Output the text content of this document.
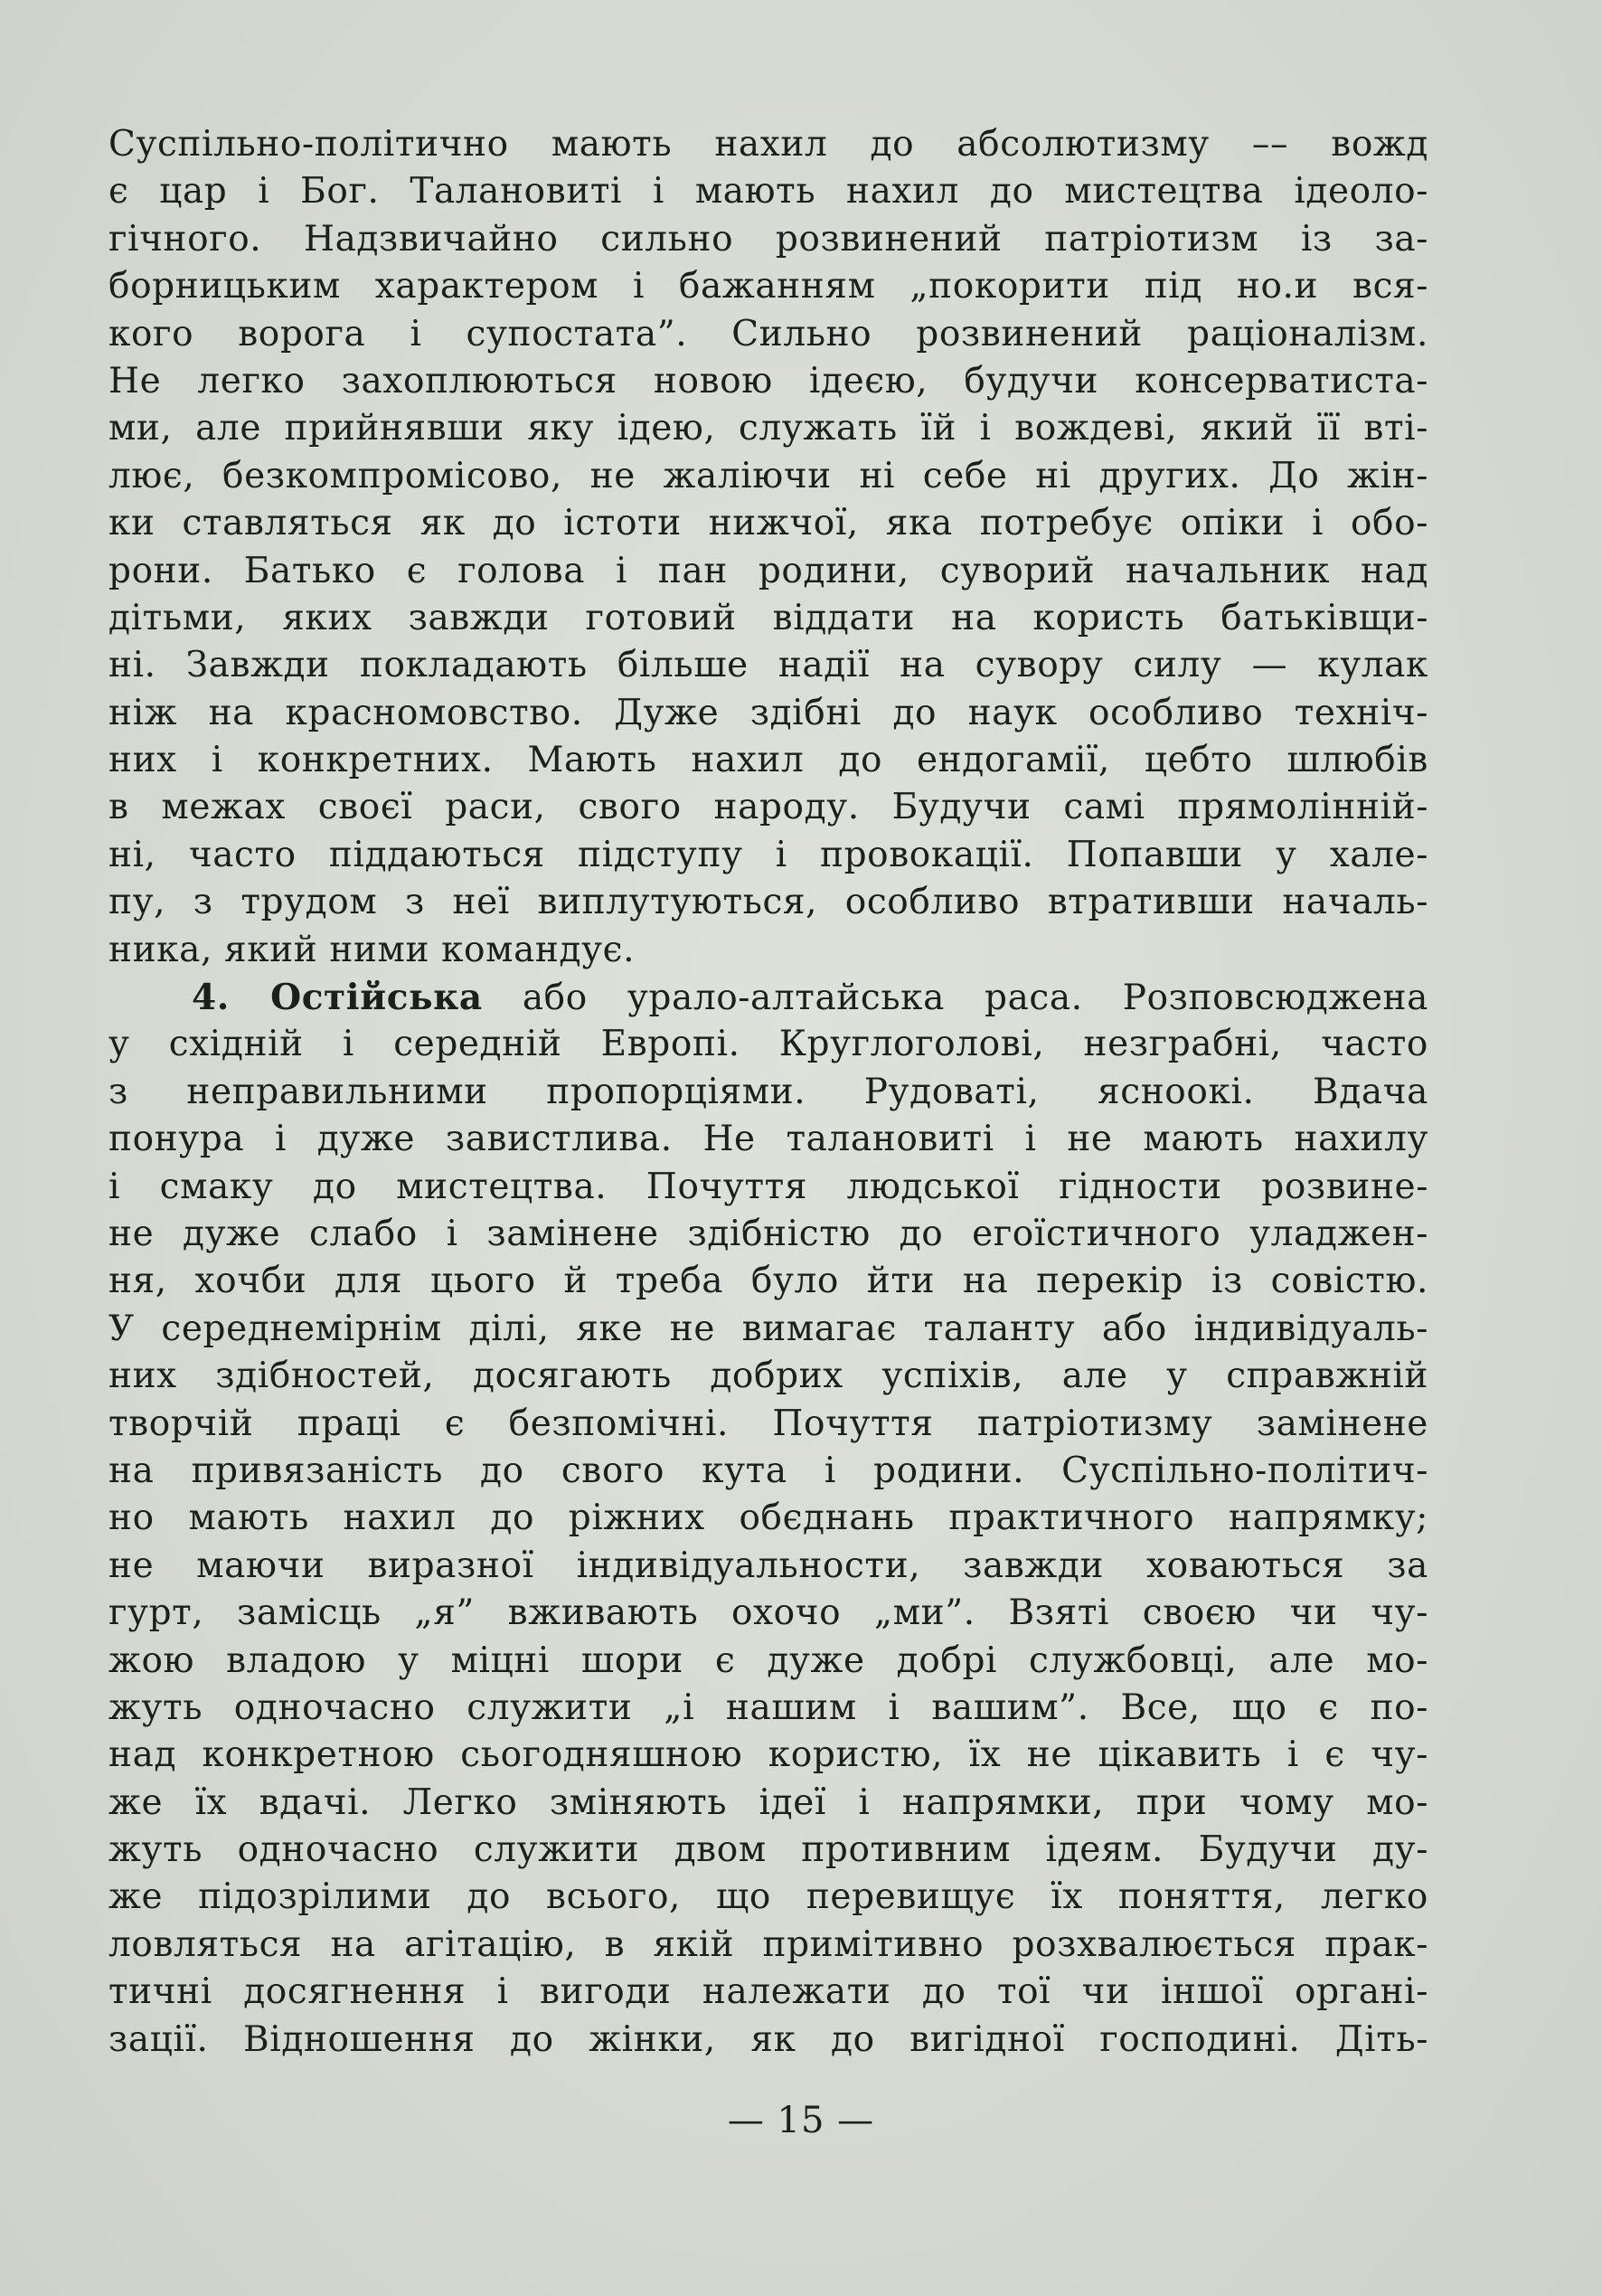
Суспільно-політично мають нахил до абсолютизму –– вожд
є цар і Бог. Талановиті і мають нахил до мистецтва ідеоло-
гічного. Надзвичайно сильно розвинений патріотизм із за-
борницьким характером і бажанням „покорити під но.и вся-
кого ворога і супостата”. Сильно розвинений раціоналізм.
Не легко захоплюються новою ідеєю, будучи консерватиста-
ми, але прийнявши яку ідею, служать їй і вождеві, який її вті-
лює, безкомпромісово, не жаліючи ні себе ні других. До жін-
ки ставляться як до істоти нижчої, яка потребує опіки і обо-
рони. Батько є голова і пан родини, суворий начальник над
дітьми, яких завжди готовий віддати на користь батьківщи-
ні. Завжди покладають більше надії на сувору силу — кулак
ніж на красномовство. Дуже здібні до наук особливо техніч-
них і конкретних. Мають нахил до ендогамії, цебто шлюбів
в межах своєї раси, свого народу. Будучи самі прямолінній-
ні, часто піддаються підступу і провокації. Попавши у хале-
пу, з трудом з неї виплутуються, особливо втративши началь-
ника, який ними командує.
4. Остійська або урало-алтайська раса. Розповсюджена
у східній і середній Европі. Круглоголові, незграбні, часто
з неправильними пропорціями. Рудоваті, ясноокі. Вдача
понура і дуже завистлива. Не талановиті і не мають нахилу
і смаку до мистецтва. Почуття людської гідности розвине-
не дуже слабо і замінене здібністю до егоїстичного уладжен-
ня, хочби для цього й треба було йти на перекір із совістю.
У середнемірнім ділі, яке не вимагає таланту або індивідуаль-
них здібностей, досягають добрих успіхів, але у справжній
творчій праці є безпомічні. Почуття патріотизму замінене
на привязаність до свого кута і родини. Суспільно-політич-
но мають нахил до ріжних обєднань практичного напрямку;
не маючи виразної індивідуальности, завжди ховаються за
гурт, замісць „я” вживають охочо „ми”. Взяті своєю чи чу-
жою владою у міцні шори є дуже добрі службовці, але мо-
жуть одночасно служити „і нашим і вашим”. Все, що є по-
над конкретною сьогодняшною користю, їх не цікавить і є чу-
же їх вдачі. Легко зміняють ідеї і напрямки, при чому мо-
жуть одночасно служити двом противним ідеям. Будучи ду-
же підозрілими до всього, що перевищує їх поняття, легко
ловляться на агітацію, в якій примітивно розхвалюється прак-
тичні досягнення і вигоди належати до тої чи іншої органі-
зації. Відношення до жінки, як до вигідної господині. Діть-
— 15 —
